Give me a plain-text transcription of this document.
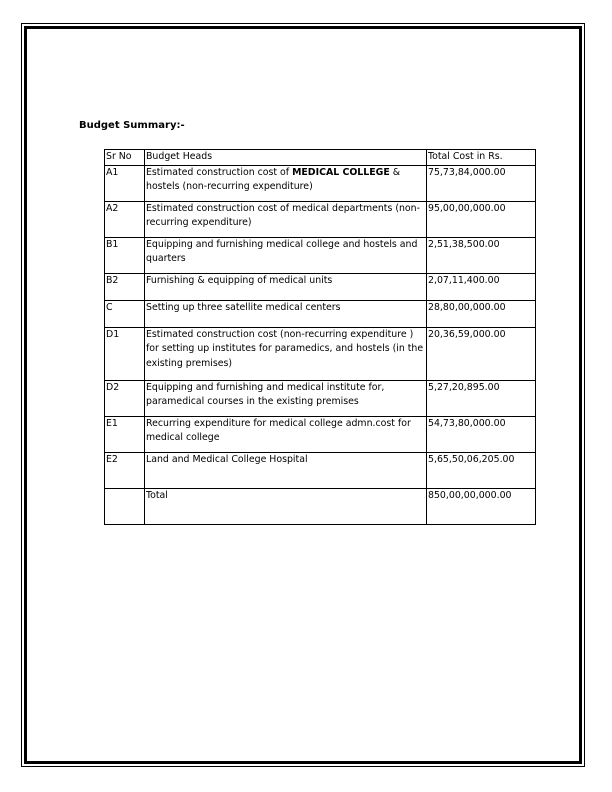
Budget Summary:-
Sr No	Budget Heads	Total Cost in Rs.
A1	Estimated construction cost of MEDICAL COLLEGE & hostels (non-recurring expenditure)	75,73,84,000.00
A2	Estimated construction cost of medical departments (non-recurring expenditure)	95,00,00,000.00
B1	Equipping and furnishing medical college and hostels and quarters	2,51,38,500.00
B2	Furnishing & equipping of medical units	2,07,11,400.00
C	Setting up three satellite medical centers	28,80,00,000.00
D1	Estimated construction cost (non-recurring expenditure ) for setting up institutes for paramedics, and hostels (in the existing premises)	20,36,59,000.00
D2	Equipping and furnishing and medical institute for, paramedical courses in the existing premises	5,27,20,895.00
E1	Recurring expenditure for medical college admn.cost for medical college	54,73,80,000.00
E2	Land and Medical College Hospital	5,65,50,06,205.00
	Total	850,00,00,000.00
